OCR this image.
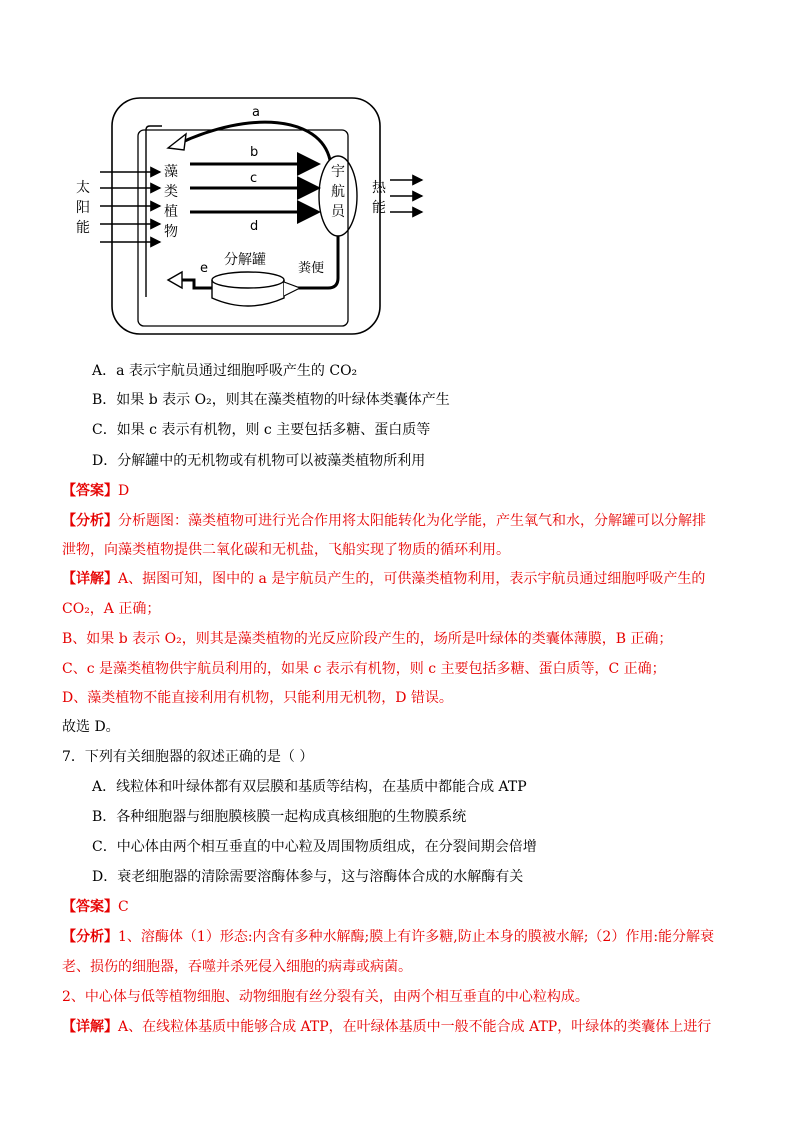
太
阳
能
藻
类
植
物
a
b
c
d
宇
航
员
热
能
粪便
分解罐
e
A．a 表示宇航员通过细胞呼吸产生的 CO₂
B．如果 b 表示 O₂，则其在藻类植物的叶绿体类囊体产生
C．如果 c 表示有机物，则 c 主要包括多糖、蛋白质等
D．分解罐中的无机物或有机物可以被藻类植物所利用
【答案】D
【分析】分析题图：藻类植物可进行光合作用将太阳能转化为化学能，产生氧气和水，分解罐可以分解排
泄物，向藻类植物提供二氧化碳和无机盐，飞船实现了物质的循环利用。
【详解】A、据图可知，图中的 a 是宇航员产生的，可供藻类植物利用，表示宇航员通过细胞呼吸产生的
CO₂，A 正确；
B、如果 b 表示 O₂，则其是藻类植物的光反应阶段产生的，场所是叶绿体的类囊体薄膜，B 正确；
C、c 是藻类植物供宇航员利用的，如果 c 表示有机物，则 c 主要包括多糖、蛋白质等，C 正确；
D、藻类植物不能直接利用有机物，只能利用无机物，D 错误。
故选 D。
7．下列有关细胞器的叙述正确的是（ ）
A．线粒体和叶绿体都有双层膜和基质等结构，在基质中都能合成 ATP
B．各种细胞器与细胞膜核膜一起构成真核细胞的生物膜系统
C．中心体由两个相互垂直的中心粒及周围物质组成，在分裂间期会倍增
D．衰老细胞器的清除需要溶酶体参与，这与溶酶体合成的水解酶有关
【答案】C
【分析】1、溶酶体（1）形态:内含有多种水解酶;膜上有许多糖,防止本身的膜被水解;（2）作用:能分解衰
老、损伤的细胞器，吞噬并杀死侵入细胞的病毒或病菌。
2、中心体与低等植物细胞、动物细胞有丝分裂有关，由两个相互垂直的中心粒构成。
【详解】A、在线粒体基质中能够合成 ATP，在叶绿体基质中一般不能合成 ATP，叶绿体的类囊体上进行
